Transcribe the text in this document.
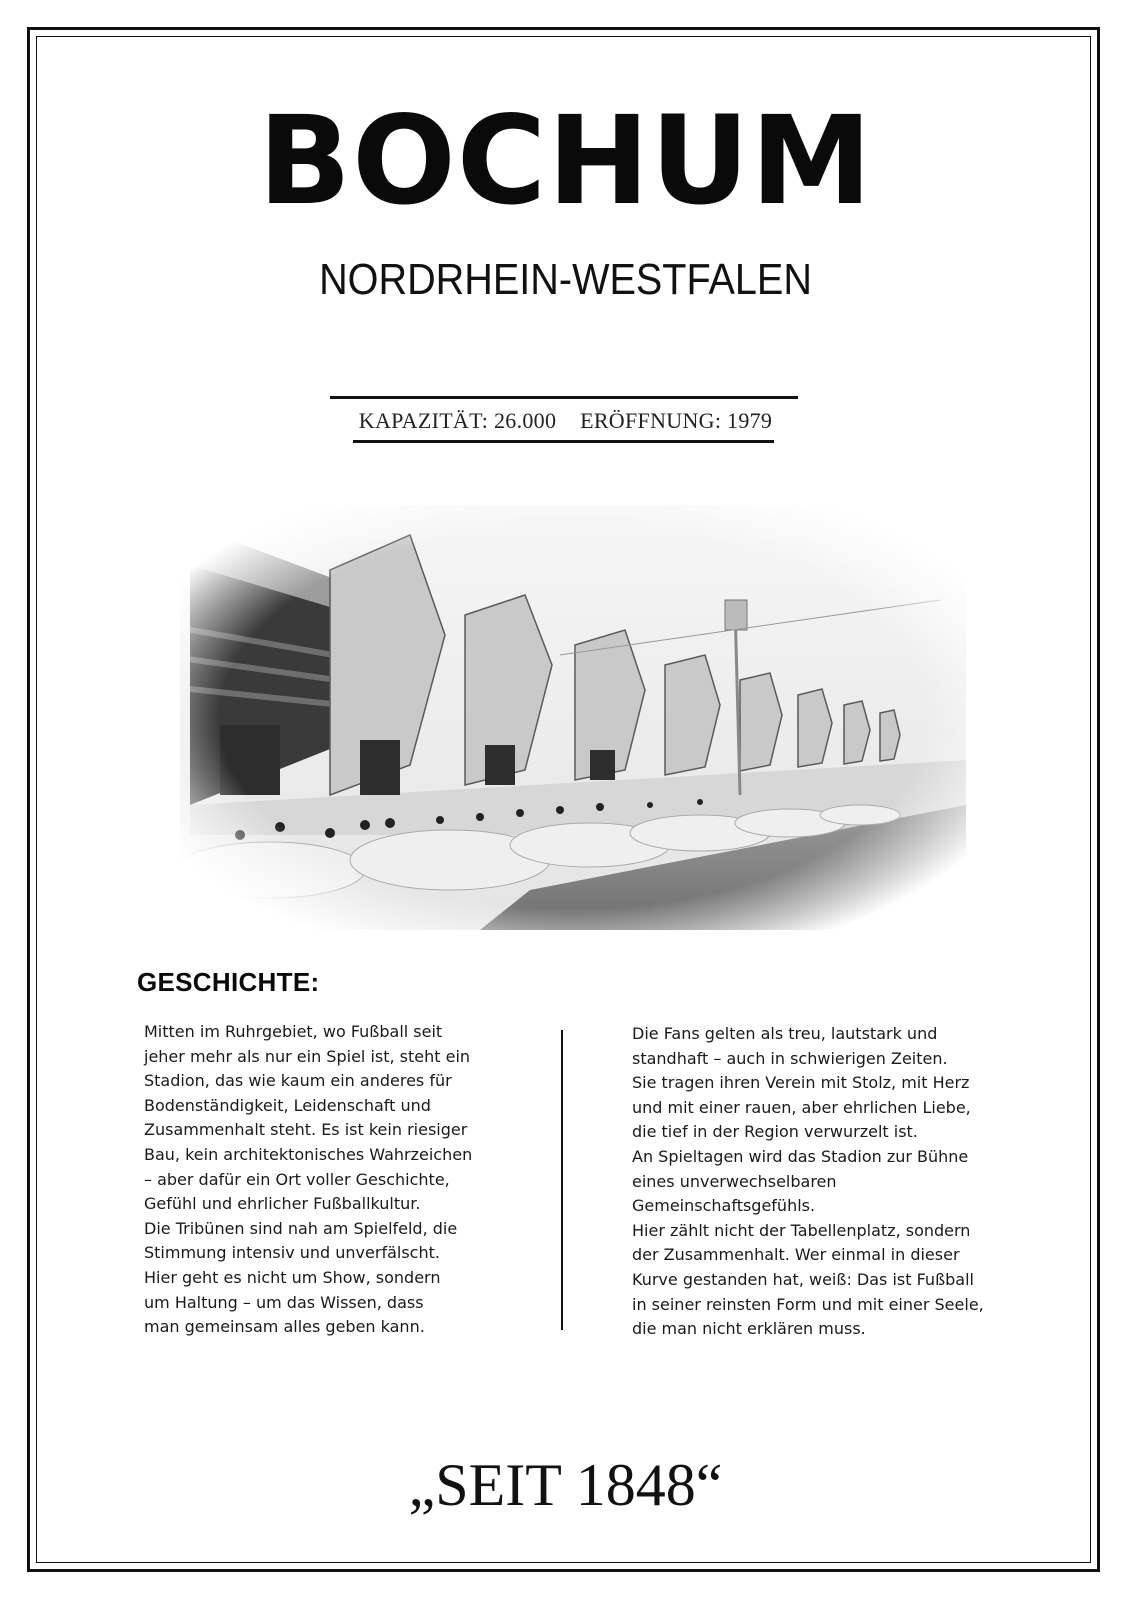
BOCHUM
NORDRHEIN-WESTFALEN
KAPAZITÄT: 26.000 ERÖFFNUNG: 1979
GESCHICHTE:
Mitten im Ruhrgebiet, wo Fußball seit
jeher mehr als nur ein Spiel ist, steht ein
Stadion, das wie kaum ein anderes für
Bodenständigkeit, Leidenschaft und
Zusammenhalt steht. Es ist kein riesiger
Bau, kein architektonisches Wahrzeichen
– aber dafür ein Ort voller Geschichte,
Gefühl und ehrlicher Fußballkultur.
Die Tribünen sind nah am Spielfeld, die
Stimmung intensiv und unverfälscht.
Hier geht es nicht um Show, sondern
um Haltung – um das Wissen, dass
man gemeinsam alles geben kann.
Die Fans gelten als treu, lautstark und
standhaft – auch in schwierigen Zeiten.
Sie tragen ihren Verein mit Stolz, mit Herz
und mit einer rauen, aber ehrlichen Liebe,
die tief in der Region verwurzelt ist.
An Spieltagen wird das Stadion zur Bühne
eines unverwechselbaren
Gemeinschaftsgefühls.
Hier zählt nicht der Tabellenplatz, sondern
der Zusammenhalt. Wer einmal in dieser
Kurve gestanden hat, weiß: Das ist Fußball
in seiner reinsten Form und mit einer Seele,
die man nicht erklären muss.
„SEIT 1848“
